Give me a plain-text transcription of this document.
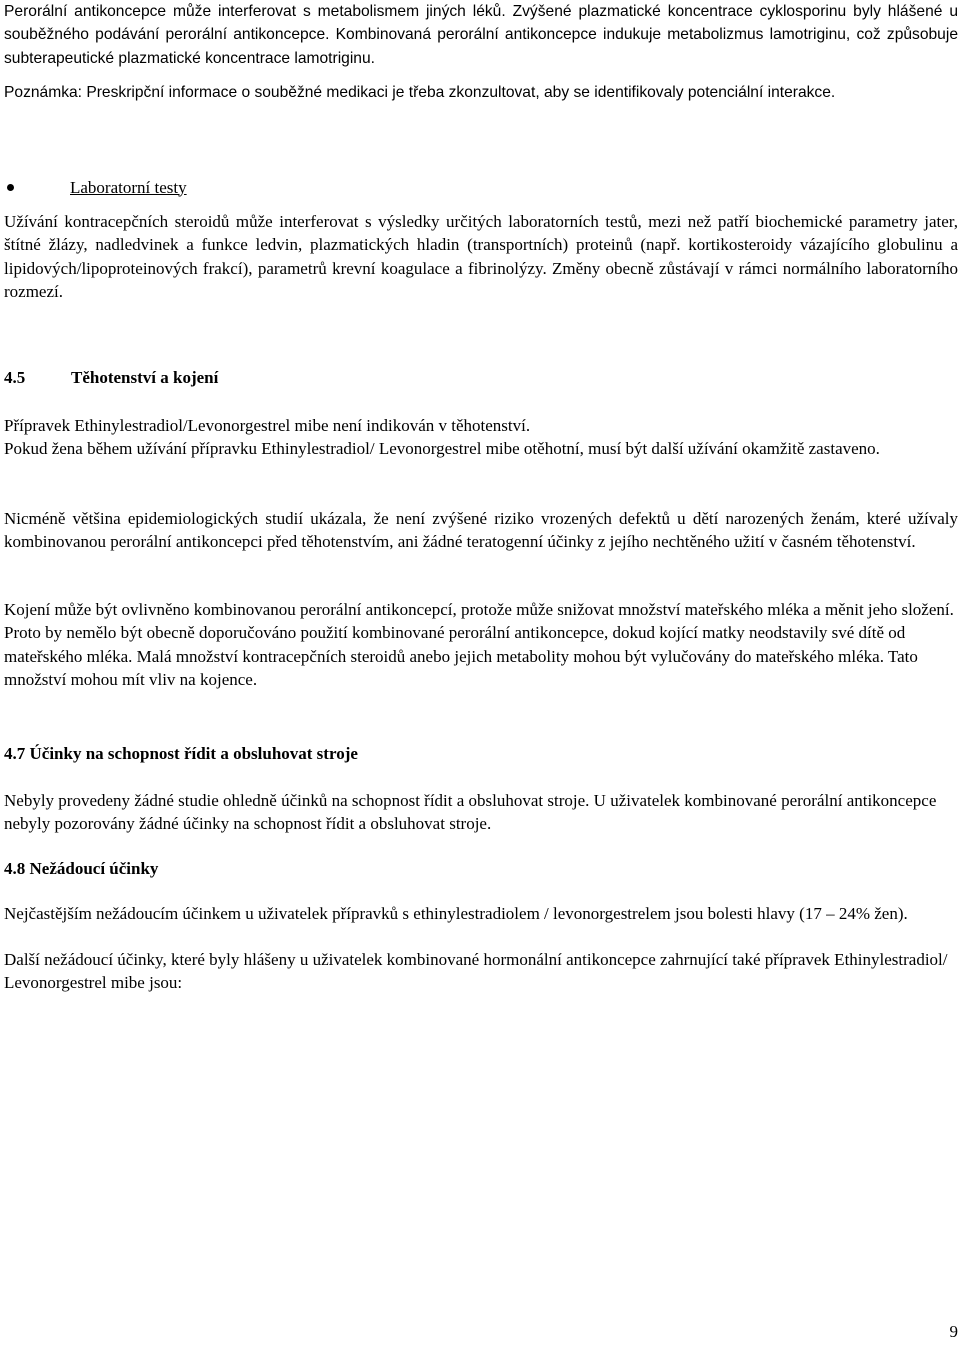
Perorální antikoncepce může interferovat s metabolismem jiných léků. Zvýšené plazmatické koncentrace cyklosporinu byly hlášené u souběžného podávání perorální antikoncepce. Kombinovaná perorální antikoncepce indukuje metabolizmus lamotriginu, což způsobuje subterapeutické plazmatické koncentrace lamotriginu.

Poznámka: Preskripční informace o souběžné medikaci je třeba zkonzultovat, aby se identifikovaly potenciální interakce.

Laboratorní testy

Užívání kontracepčních steroidů může interferovat s výsledky určitých laboratorních testů, mezi než patří biochemické parametry jater, štítné žlázy, nadledvinek a funkce ledvin, plazmatických hladin (transportních) proteinů (např. kortikosteroidy vázajícího globulinu a lipidových/lipoproteinových frakcí), parametrů krevní koagulace a fibrinolýzy. Změny obecně zůstávají v rámci normálního laboratorního rozmezí.

4.5	Těhotenství a kojení

Přípravek Ethinylestradiol/Levonorgestrel mibe není indikován v těhotenství.

Pokud žena během užívání přípravku Ethinylestradiol/ Levonorgestrel mibe otěhotní, musí být další užívání okamžitě zastaveno.

Nicméně většina epidemiologických studií ukázala, že není zvýšené riziko vrozených defektů u dětí narozených ženám, které užívaly kombinovanou perorální antikoncepci před těhotenstvím, ani žádné teratogenní účinky z jejího nechtěného užití v časném těhotenství.

Kojení může být ovlivněno kombinovanou perorální antikoncepcí, protože může snižovat množství mateřského mléka a měnit jeho složení. Proto by nemělo být obecně doporučováno použití kombinované perorální antikoncepce, dokud kojící matky neodstavily své dítě od mateřského mléka. Malá množství kontracepčních steroidů anebo jejich metabolity mohou být vylučovány do mateřského mléka. Tato množství mohou mít vliv na kojence.

4.7 Účinky na schopnost řídit a obsluhovat stroje

Nebyly provedeny žádné studie ohledně účinků na schopnost řídit a obsluhovat stroje. U uživatelek kombinované perorální antikoncepce nebyly pozorovány žádné účinky na schopnost řídit a obsluhovat stroje.

4.8 Nežádoucí účinky

Nejčastějším nežádoucím účinkem u uživatelek přípravků s ethinylestradiolem / levonorgestrelem jsou bolesti hlavy (17 – 24% žen).

Další nežádoucí účinky, které byly hlášeny u uživatelek kombinované hormonální antikoncepce zahrnující také přípravek Ethinylestradiol/ Levonorgestrel mibe jsou:

9
